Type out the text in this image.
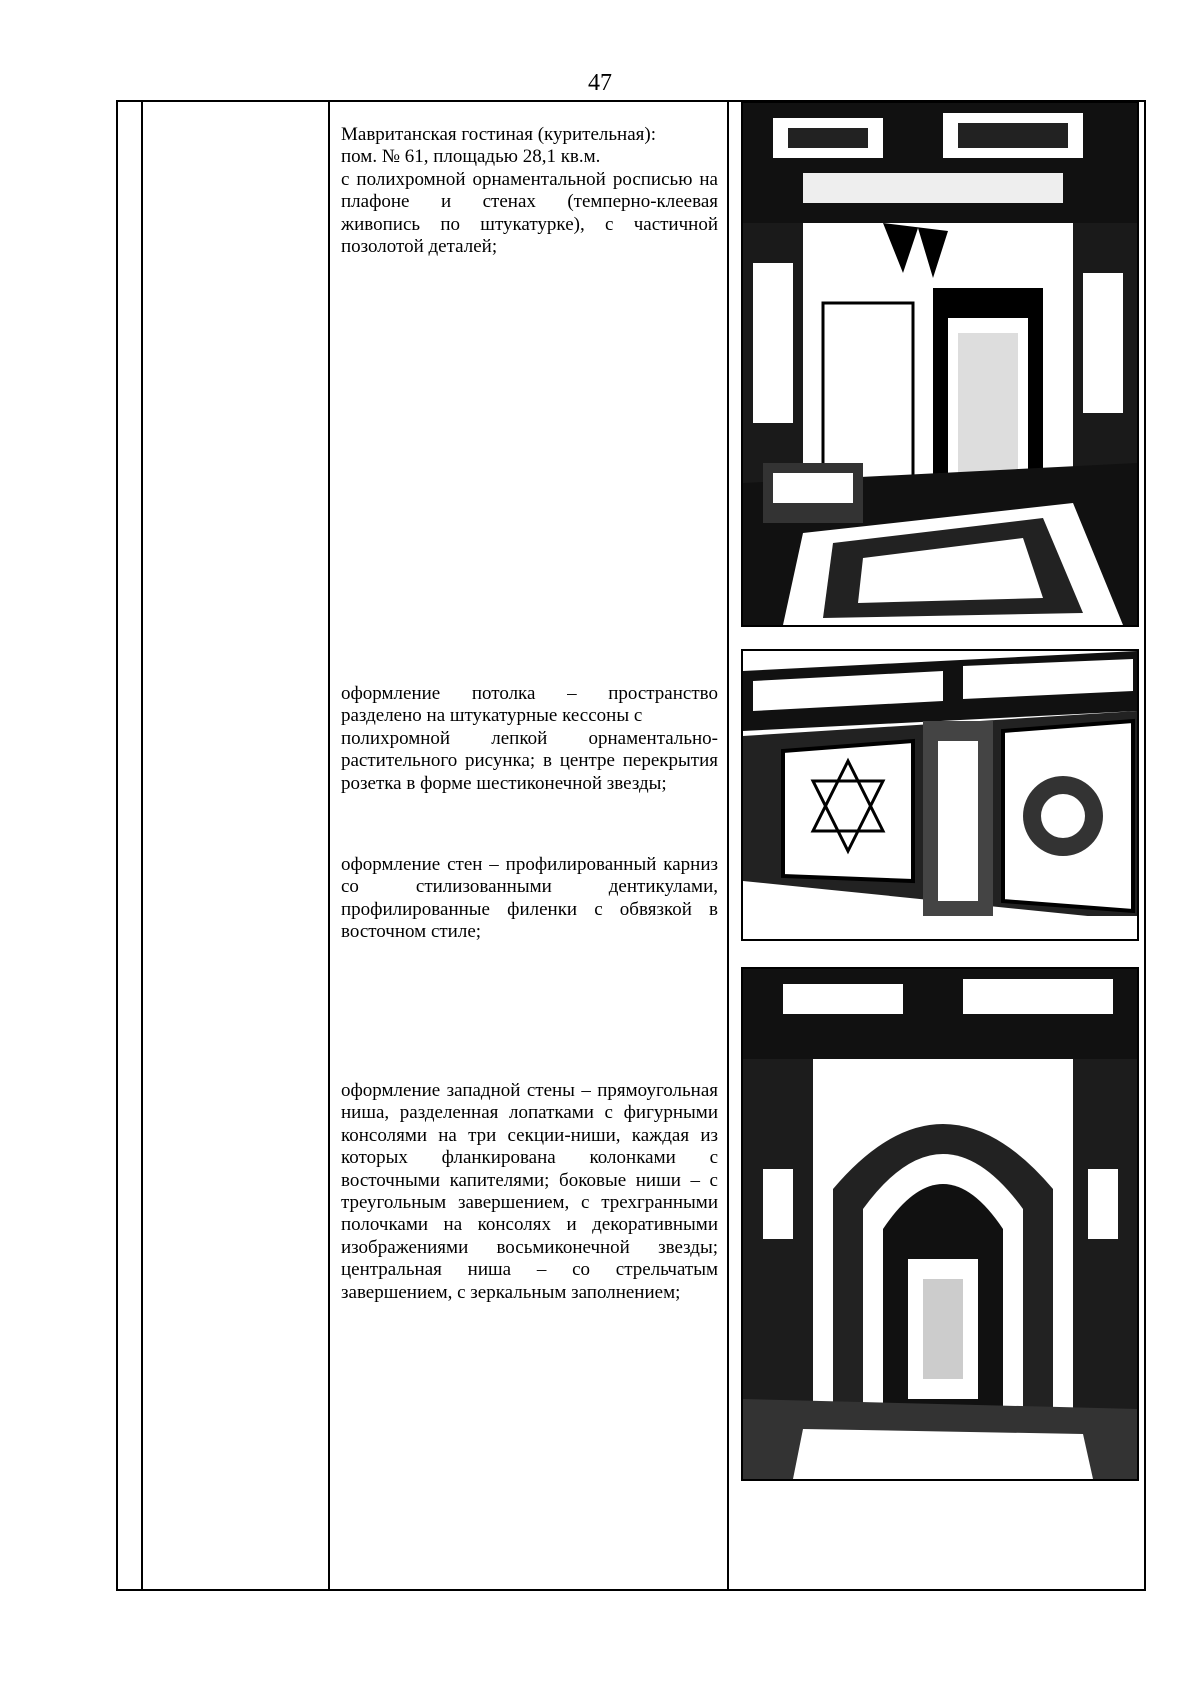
47
Мавританская гостиная (курительная):
пом. № 61, площадью 28,1 кв.м.

с полихромной орнаментальной росписью на плафоне и стенах (темперно-клеевая живопись по штукатурке), с частичной позолотой деталей;

оформление потолка – пространство

разделено на штукатурные кессоны с

полихромной лепкой орнаментально-растительного рисунка; в центре перекрытия розетка в форме шестиконечной звезды;

оформление стен – профилированный карниз со стилизованными дентикулами, профилированные филенки с обвязкой в восточном стиле;

оформление западной стены – прямоугольная ниша, разделенная лопатками с фигурными консолями на три секции-ниши, каждая из которых фланкирована колонками с восточными капителями; боковые ниши – с треугольным завершением, с трехгранными полочками на консолях и декоративными изображениями восьмиконечной звезды; центральная ниша – со стрельчатым завершением, с зеркальным заполнением;
